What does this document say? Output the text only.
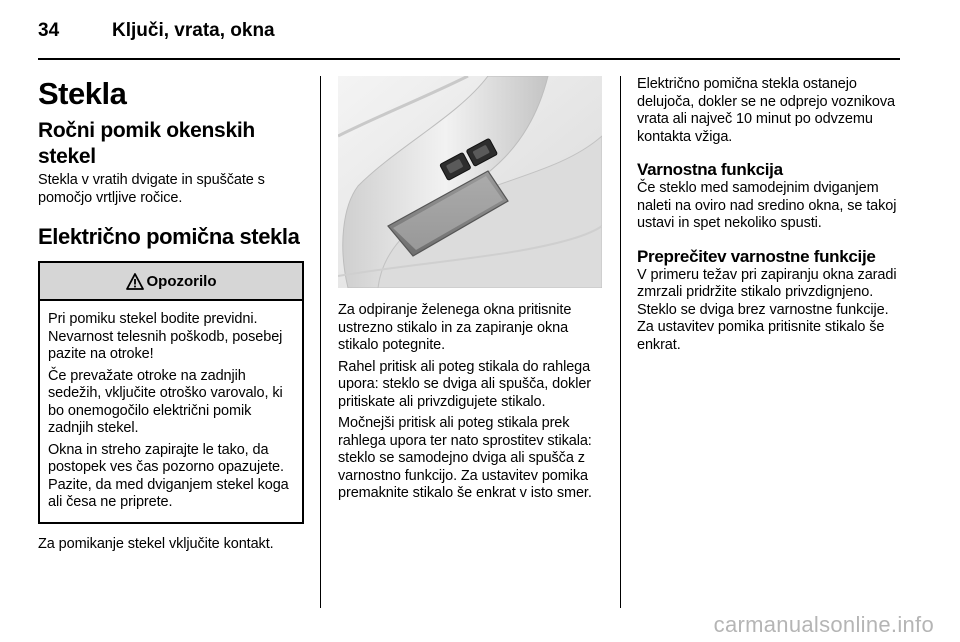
34	Ključi, vrata, okna
Stekla
Ročni pomik okenskih stekel

Stekla v vratih dvigate in spuščate s pomočjo vrtljive ročice.

Električno pomična stekla
Opozorilo

Pri pomiku stekel bodite previdni. Nevarnost telesnih poškodb, posebej pazite na otroke!

Če prevažate otroke na zadnjih sedežih, vključite otroško varovalo, ki bo onemogočilo električni pomik zadnjih stekel.

Okna in streho zapirajte le tako, da postopek ves čas pozorno opazujete. Pazite, da med dviganjem stekel koga ali česa ne priprete.

Za pomikanje stekel vključite kontakt.

Za odpiranje želenega okna pritisnite ustrezno stikalo in za zapiranje okna stikalo potegnite.

Rahel pritisk ali poteg stikala do rahlega upora: steklo se dviga ali spušča, dokler pritiskate ali privzdigujete stikalo.

Močnejši pritisk ali poteg stikala prek rahlega upora ter nato sprostitev stikala: steklo se samodejno dviga ali spušča z varnostno funkcijo. Za ustavitev pomika premaknite stikalo še enkrat v isto smer.

Električno pomična stekla ostanejo delujoča, dokler se ne odprejo voznikova vrata ali največ 10 minut po odvzemu kontakta vžiga.

Varnostna funkcija

Če steklo med samodejnim dviganjem naleti na oviro nad sredino okna, se takoj ustavi in spet nekoliko spusti.

Preprečitev varnostne funkcije

V primeru težav pri zapiranju okna zaradi zmrzali pridržite stikalo privzdignjeno. Steklo se dviga brez varnostne funkcije. Za ustavitev pomika pritisnite stikalo še enkrat.

carmanualsonline.info
